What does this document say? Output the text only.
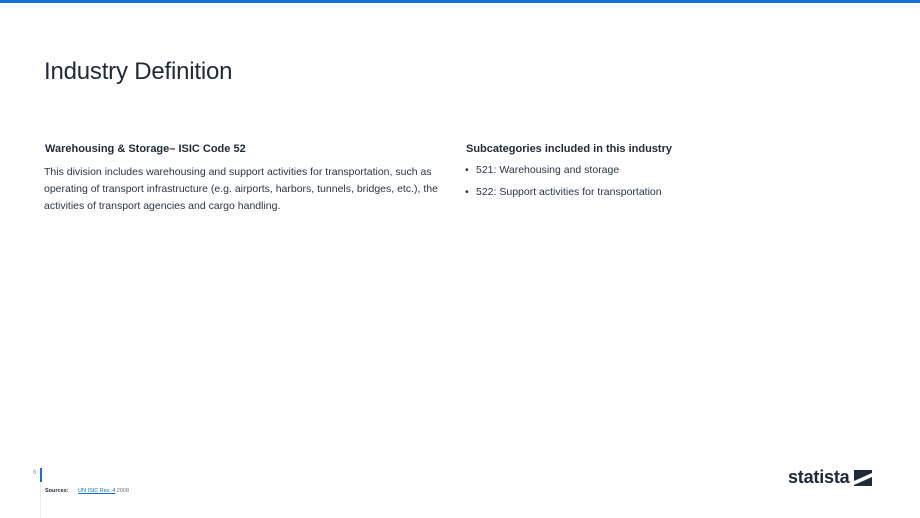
Industry Definition
Warehousing & Storage– ISIC Code 52

This division includes warehousing and support activities for transportation, such as operating of transport infrastructure (e.g. airports, harbors, tunnels, bridges, etc.), the activities of transport agencies and cargo handling.

Subcategories included in this industry
• 521: Warehousing and storage
• 522: Support activities for transportation
6
Sources: UN ISIC Rev. 4 2008
statista
